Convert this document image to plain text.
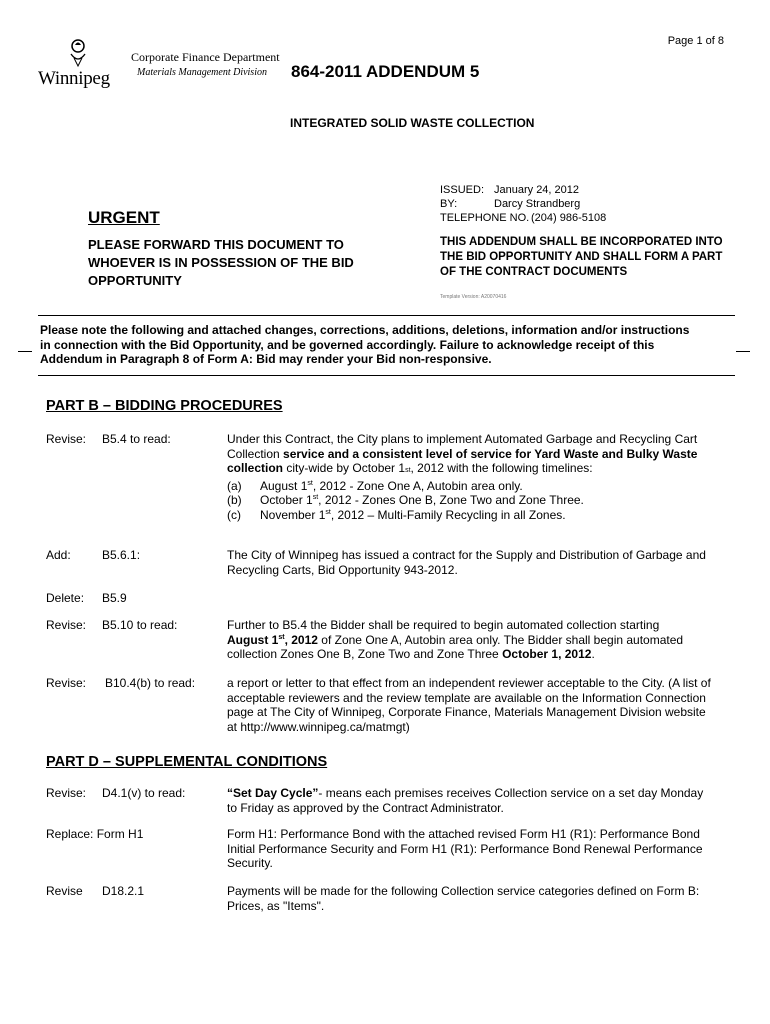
Page 1 of 8
Winnipeg
Corporate Finance Department
Materials Management Division 864-2011 ADDENDUM 5
INTEGRATED SOLID WASTE COLLECTION
ISSUED: January 24, 2012
BY:	Darcy Strandberg
TELEPHONE NO. (204) 986-5108
URGENT
PLEASE FORWARD THIS DOCUMENT TO WHOEVER IS IN POSSESSION OF THE BID OPPORTUNITY
THIS ADDENDUM SHALL BE INCORPORATED INTO THE BID OPPORTUNITY AND SHALL FORM A PART OF THE CONTRACT DOCUMENTS
Template Version: A20070416
Please note the following and attached changes, corrections, additions, deletions, information and/or instructions
in connection with the Bid Opportunity, and be governed accordingly. Failure to acknowledge receipt of this
Addendum in Paragraph 8 of Form A: Bid may render your Bid non-responsive.
PART B – BIDDING PROCEDURES
Revise: B5.4 to read:	Under this Contract, the City plans to implement Automated Garbage and Recycling Cart
Collection service and a consistent level of service for Yard Waste and Bulky Waste
collection city-wide by October 1st, 2012 with the following timelines:
(a)	August 1st, 2012 - Zone One A, Autobin area only.
(b)	October 1st, 2012 - Zones One B, Zone Two and Zone Three.
(c)	November 1st, 2012 – Multi-Family Recycling in all Zones.
Add:	B5.6.1:	The City of Winnipeg has issued a contract for the Supply and Distribution of Garbage and Recycling Carts, Bid Opportunity 943-2012.
Delete: B5.9
Revise: B5.10 to read:	Further to B5.4 the Bidder shall be required to begin automated collection starting
August 1st, 2012 of Zone One A, Autobin area only. The Bidder shall begin automated
collection Zones One B, Zone Two and Zone Three October 1, 2012.
Revise: B10.4(b) to read:	a report or letter to that effect from an independent reviewer acceptable to the City. (A list of acceptable reviewers and the review template are available on the Information Connection page at The City of Winnipeg, Corporate Finance, Materials Management Division website at http://www.winnipeg.ca/matmgt)
PART D – SUPPLEMENTAL CONDITIONS
Revise: D4.1(v) to read:	“Set Day Cycle”- means each premises receives Collection service on a set day Monday to Friday as approved by the Contract Administrator.
Replace: Form H1	Form H1: Performance Bond with the attached revised Form H1 (R1): Performance Bond Initial Performance Security and Form H1 (R1): Performance Bond Renewal Performance Security.
Revise D18.2.1	Payments will be made for the following Collection service categories defined on Form B: Prices, as "Items".
